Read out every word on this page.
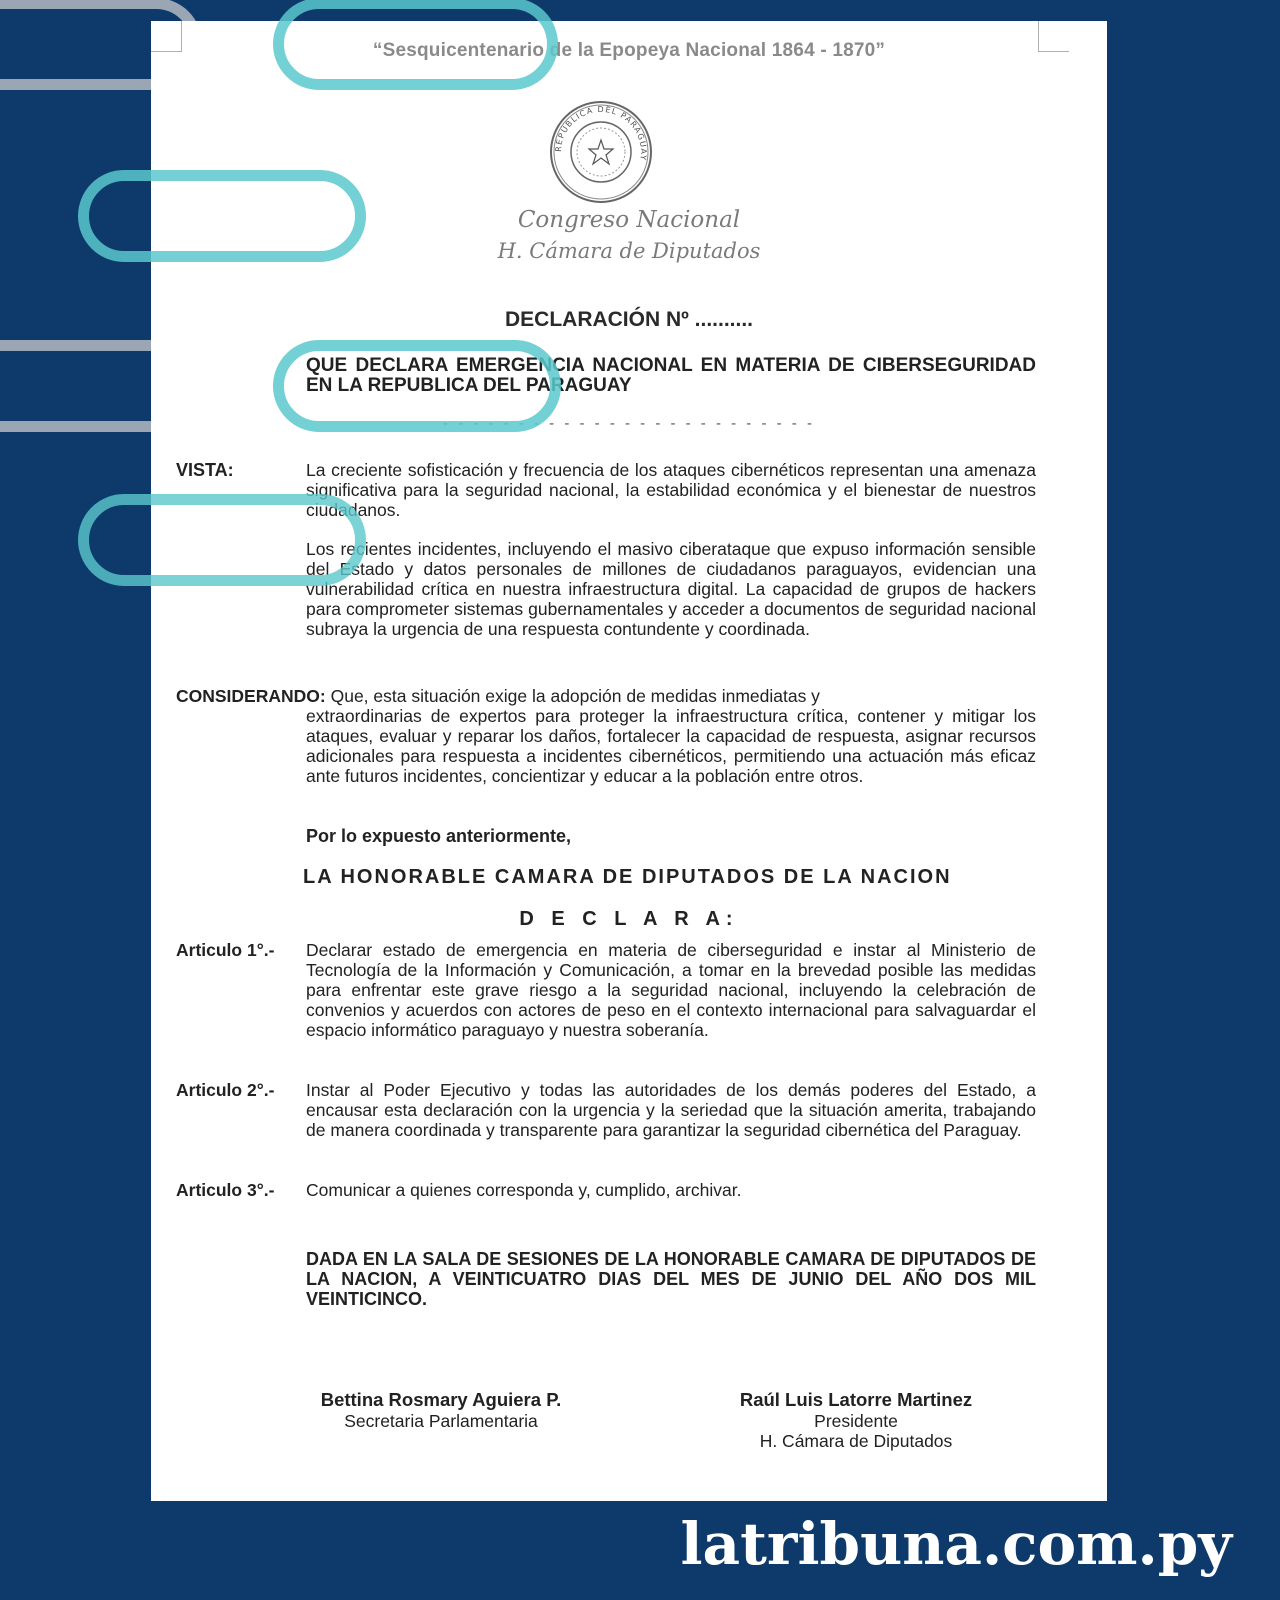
“Sesquicentenario de la Epopeya Nacional 1864 - 1870”
REPÚBLICA DEL PARAGUAY
Congreso Nacional
H. Cámara de Diputados
DECLARACIÓN Nº ..........
QUE DECLARA EMERGENCIA NACIONAL EN MATERIA DE CIBERSEGURIDAD EN LA REPUBLICA DEL PARAGUAY
- - - - - - - - - - - - - - - - - - - - - - - - -
VISTA:	La creciente sofisticación y frecuencia de los ataques cibernéticos representan una amenaza significativa para la seguridad nacional, la estabilidad económica y el bienestar de nuestros ciudadanos.
Los recientes incidentes, incluyendo el masivo ciberataque que expuso información sensible del Estado y datos personales de millones de ciudadanos paraguayos, evidencian una vulnerabilidad crítica en nuestra infraestructura digital. La capacidad de grupos de hackers para comprometer sistemas gubernamentales y acceder a documentos de seguridad nacional subraya la urgencia de una respuesta contundente y coordinada.
CONSIDERANDO: Que, esta situación exige la adopción de medidas inmediatas y
extraordinarias de expertos para proteger la infraestructura crítica, contener y mitigar los ataques, evaluar y reparar los daños, fortalecer la capacidad de respuesta, asignar recursos adicionales para respuesta a incidentes cibernéticos, permitiendo una actuación más eficaz ante futuros incidentes, concientizar y educar a la población entre otros.
Por lo expuesto anteriormente,
LA HONORABLE CAMARA DE DIPUTADOS DE LA NACION
D E C L A R A:
Articulo 1°.- Declarar estado de emergencia en materia de ciberseguridad e instar al Ministerio de Tecnología de la Información y Comunicación, a tomar en la brevedad posible las medidas para enfrentar este grave riesgo a la seguridad nacional, incluyendo la celebración de convenios y acuerdos con actores de peso en el contexto internacional para salvaguardar el espacio informático paraguayo y nuestra soberanía.
Articulo 2°.- Instar al Poder Ejecutivo y todas las autoridades de los demás poderes del Estado, a encausar esta declaración con la urgencia y la seriedad que la situación amerita, trabajando de manera coordinada y transparente para garantizar la seguridad cibernética del Paraguay.
Articulo 3°.- Comunicar a quienes corresponda y, cumplido, archivar.
DADA EN LA SALA DE SESIONES DE LA HONORABLE CAMARA DE DIPUTADOS DE LA NACION, A VEINTICUATRO DIAS DEL MES DE JUNIO DEL AÑO DOS MIL VEINTICINCO.
Bettina Rosmary Aguiera P.
Secretaria Parlamentaria
Raúl Luis Latorre Martinez
Presidente
H. Cámara de Diputados
latribuna.com.py
